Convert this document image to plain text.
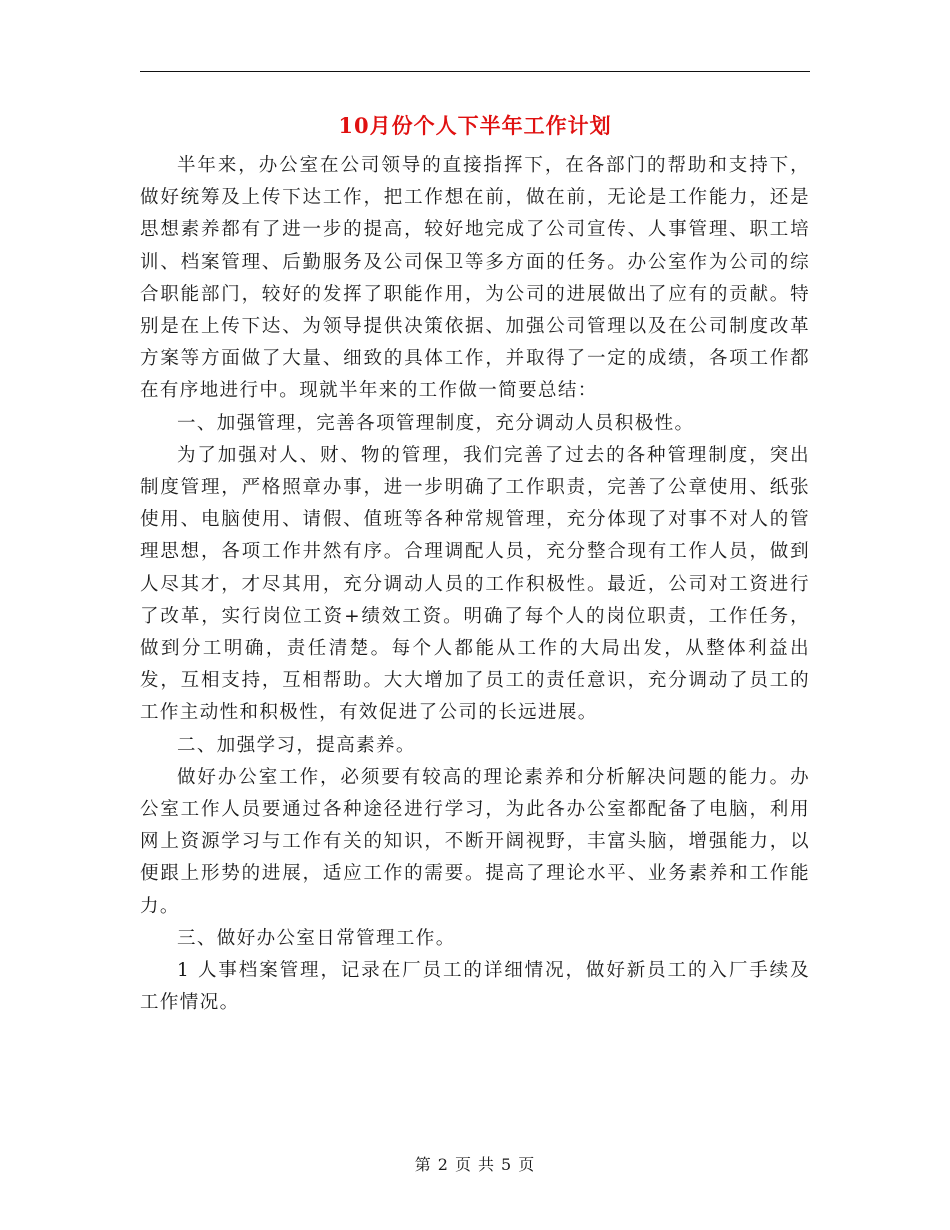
10月份个人下半年工作计划

半年来，办公室在公司领导的直接指挥下，在各部门的帮助和支持下，做好统筹及上传下达工作，把工作想在前，做在前，无论是工作能力，还是思想素养都有了进一步的提高，较好地完成了公司宣传、人事管理、职工培训、档案管理、后勤服务及公司保卫等多方面的任务。办公室作为公司的综合职能部门，较好的发挥了职能作用，为公司的进展做出了应有的贡献。特别是在上传下达、为领导提供决策依据、加强公司管理以及在公司制度改革方案等方面做了大量、细致的具体工作，并取得了一定的成绩，各项工作都在有序地进行中。现就半年来的工作做一简要总结：

一、加强管理，完善各项管理制度，充分调动人员积极性。

为了加强对人、财、物的管理，我们完善了过去的各种管理制度，突出制度管理，严格照章办事，进一步明确了工作职责，完善了公章使用、纸张使用、电脑使用、请假、值班等各种常规管理，充分体现了对事不对人的管理思想，各项工作井然有序。合理调配人员，充分整合现有工作人员，做到人尽其才，才尽其用，充分调动人员的工作积极性。最近，公司对工资进行了改革，实行岗位工资+绩效工资。明确了每个人的岗位职责，工作任务，做到分工明确，责任清楚。每个人都能从工作的大局出发，从整体利益出发，互相支持，互相帮助。大大增加了员工的责任意识，充分调动了员工的工作主动性和积极性，有效促进了公司的长远进展。

二、加强学习，提高素养。

做好办公室工作，必须要有较高的理论素养和分析解决问题的能力。办公室工作人员要通过各种途径进行学习，为此各办公室都配备了电脑，利用网上资源学习与工作有关的知识，不断开阔视野，丰富头脑，增强能力，以便跟上形势的进展，适应工作的需要。提高了理论水平、业务素养和工作能力。

三、做好办公室日常管理工作。

1 人事档案管理，记录在厂员工的详细情况，做好新员工的入厂手续及工作情况。

第 2 页 共 5 页
